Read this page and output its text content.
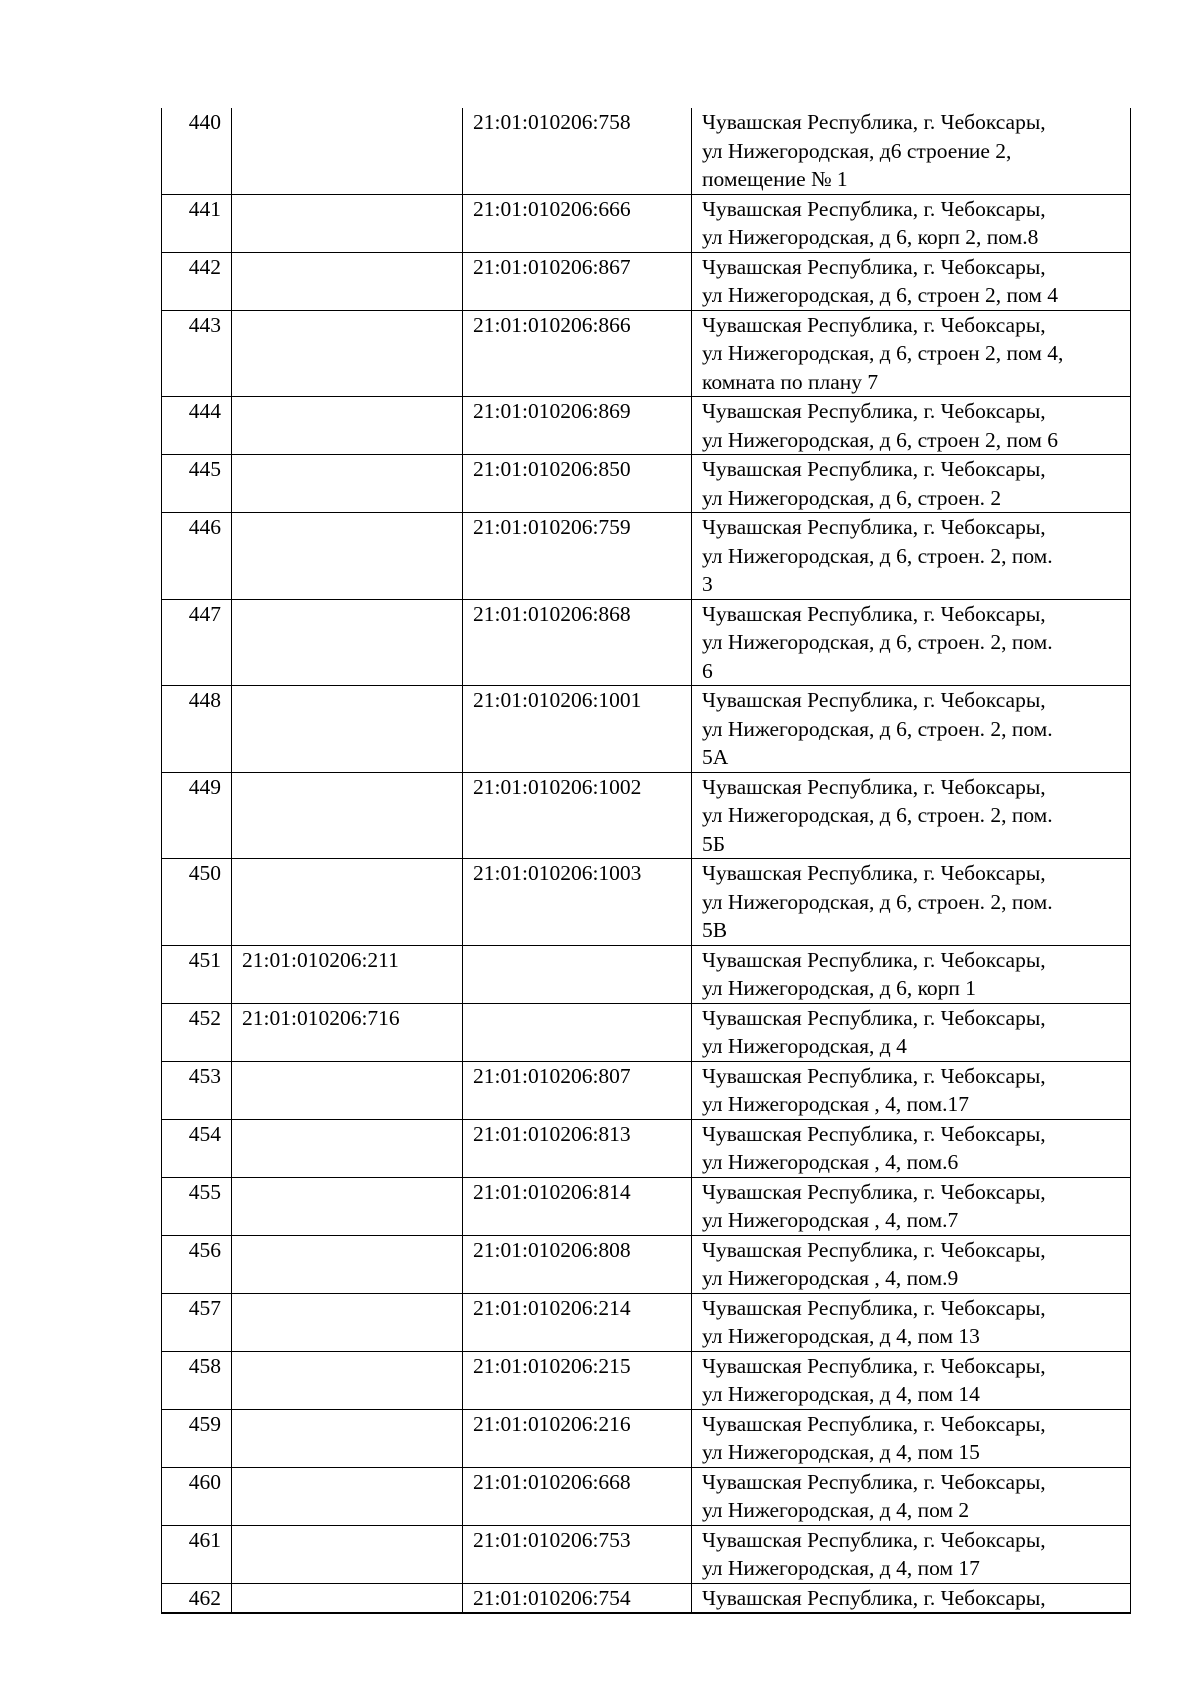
440		21:01:010206:758	Чувашская Республика, г. Чебоксары,
ул Нижегородская, д6 строение 2,
помещение № 1

441		21:01:010206:666	Чувашская Республика, г. Чебоксары,
ул Нижегородская, д 6, корп 2, пом.8

442		21:01:010206:867	Чувашская Республика, г. Чебоксары,
ул Нижегородская, д 6, строен 2, пом 4

443		21:01:010206:866	Чувашская Республика, г. Чебоксары,
ул Нижегородская, д 6, строен 2, пом 4,
комната по плану 7

444		21:01:010206:869	Чувашская Республика, г. Чебоксары,
ул Нижегородская, д 6, строен 2, пом 6

445		21:01:010206:850	Чувашская Республика, г. Чебоксары,
ул Нижегородская, д 6, строен. 2

446		21:01:010206:759	Чувашская Республика, г. Чебоксары,
ул Нижегородская, д 6, строен. 2, пом.
3

447		21:01:010206:868	Чувашская Республика, г. Чебоксары,
ул Нижегородская, д 6, строен. 2, пом.
6

448		21:01:010206:1001	Чувашская Республика, г. Чебоксары,
ул Нижегородская, д 6, строен. 2, пом.
5А

449		21:01:010206:1002	Чувашская Республика, г. Чебоксары,
ул Нижегородская, д 6, строен. 2, пом.
5Б

450		21:01:010206:1003	Чувашская Республика, г. Чебоксары,
ул Нижегородская, д 6, строен. 2, пом.
5В

451	21:01:010206:211		Чувашская Республика, г. Чебоксары,
ул Нижегородская, д 6, корп 1

452	21:01:010206:716		Чувашская Республика, г. Чебоксары,
ул Нижегородская, д 4

453		21:01:010206:807	Чувашская Республика, г. Чебоксары,
ул Нижегородская , 4, пом.17

454		21:01:010206:813	Чувашская Республика, г. Чебоксары,
ул Нижегородская , 4, пом.6

455		21:01:010206:814	Чувашская Республика, г. Чебоксары,
ул Нижегородская , 4, пом.7

456		21:01:010206:808	Чувашская Республика, г. Чебоксары,
ул Нижегородская , 4, пом.9

457		21:01:010206:214	Чувашская Республика, г. Чебоксары,
ул Нижегородская, д 4, пом 13

458		21:01:010206:215	Чувашская Республика, г. Чебоксары,
ул Нижегородская, д 4, пом 14

459		21:01:010206:216	Чувашская Республика, г. Чебоксары,
ул Нижегородская, д 4, пом 15

460		21:01:010206:668	Чувашская Республика, г. Чебоксары,
ул Нижегородская, д 4, пом 2

461		21:01:010206:753	Чувашская Республика, г. Чебоксары,
ул Нижегородская, д 4, пом 17

462		21:01:010206:754	Чувашская Республика, г. Чебоксары,
